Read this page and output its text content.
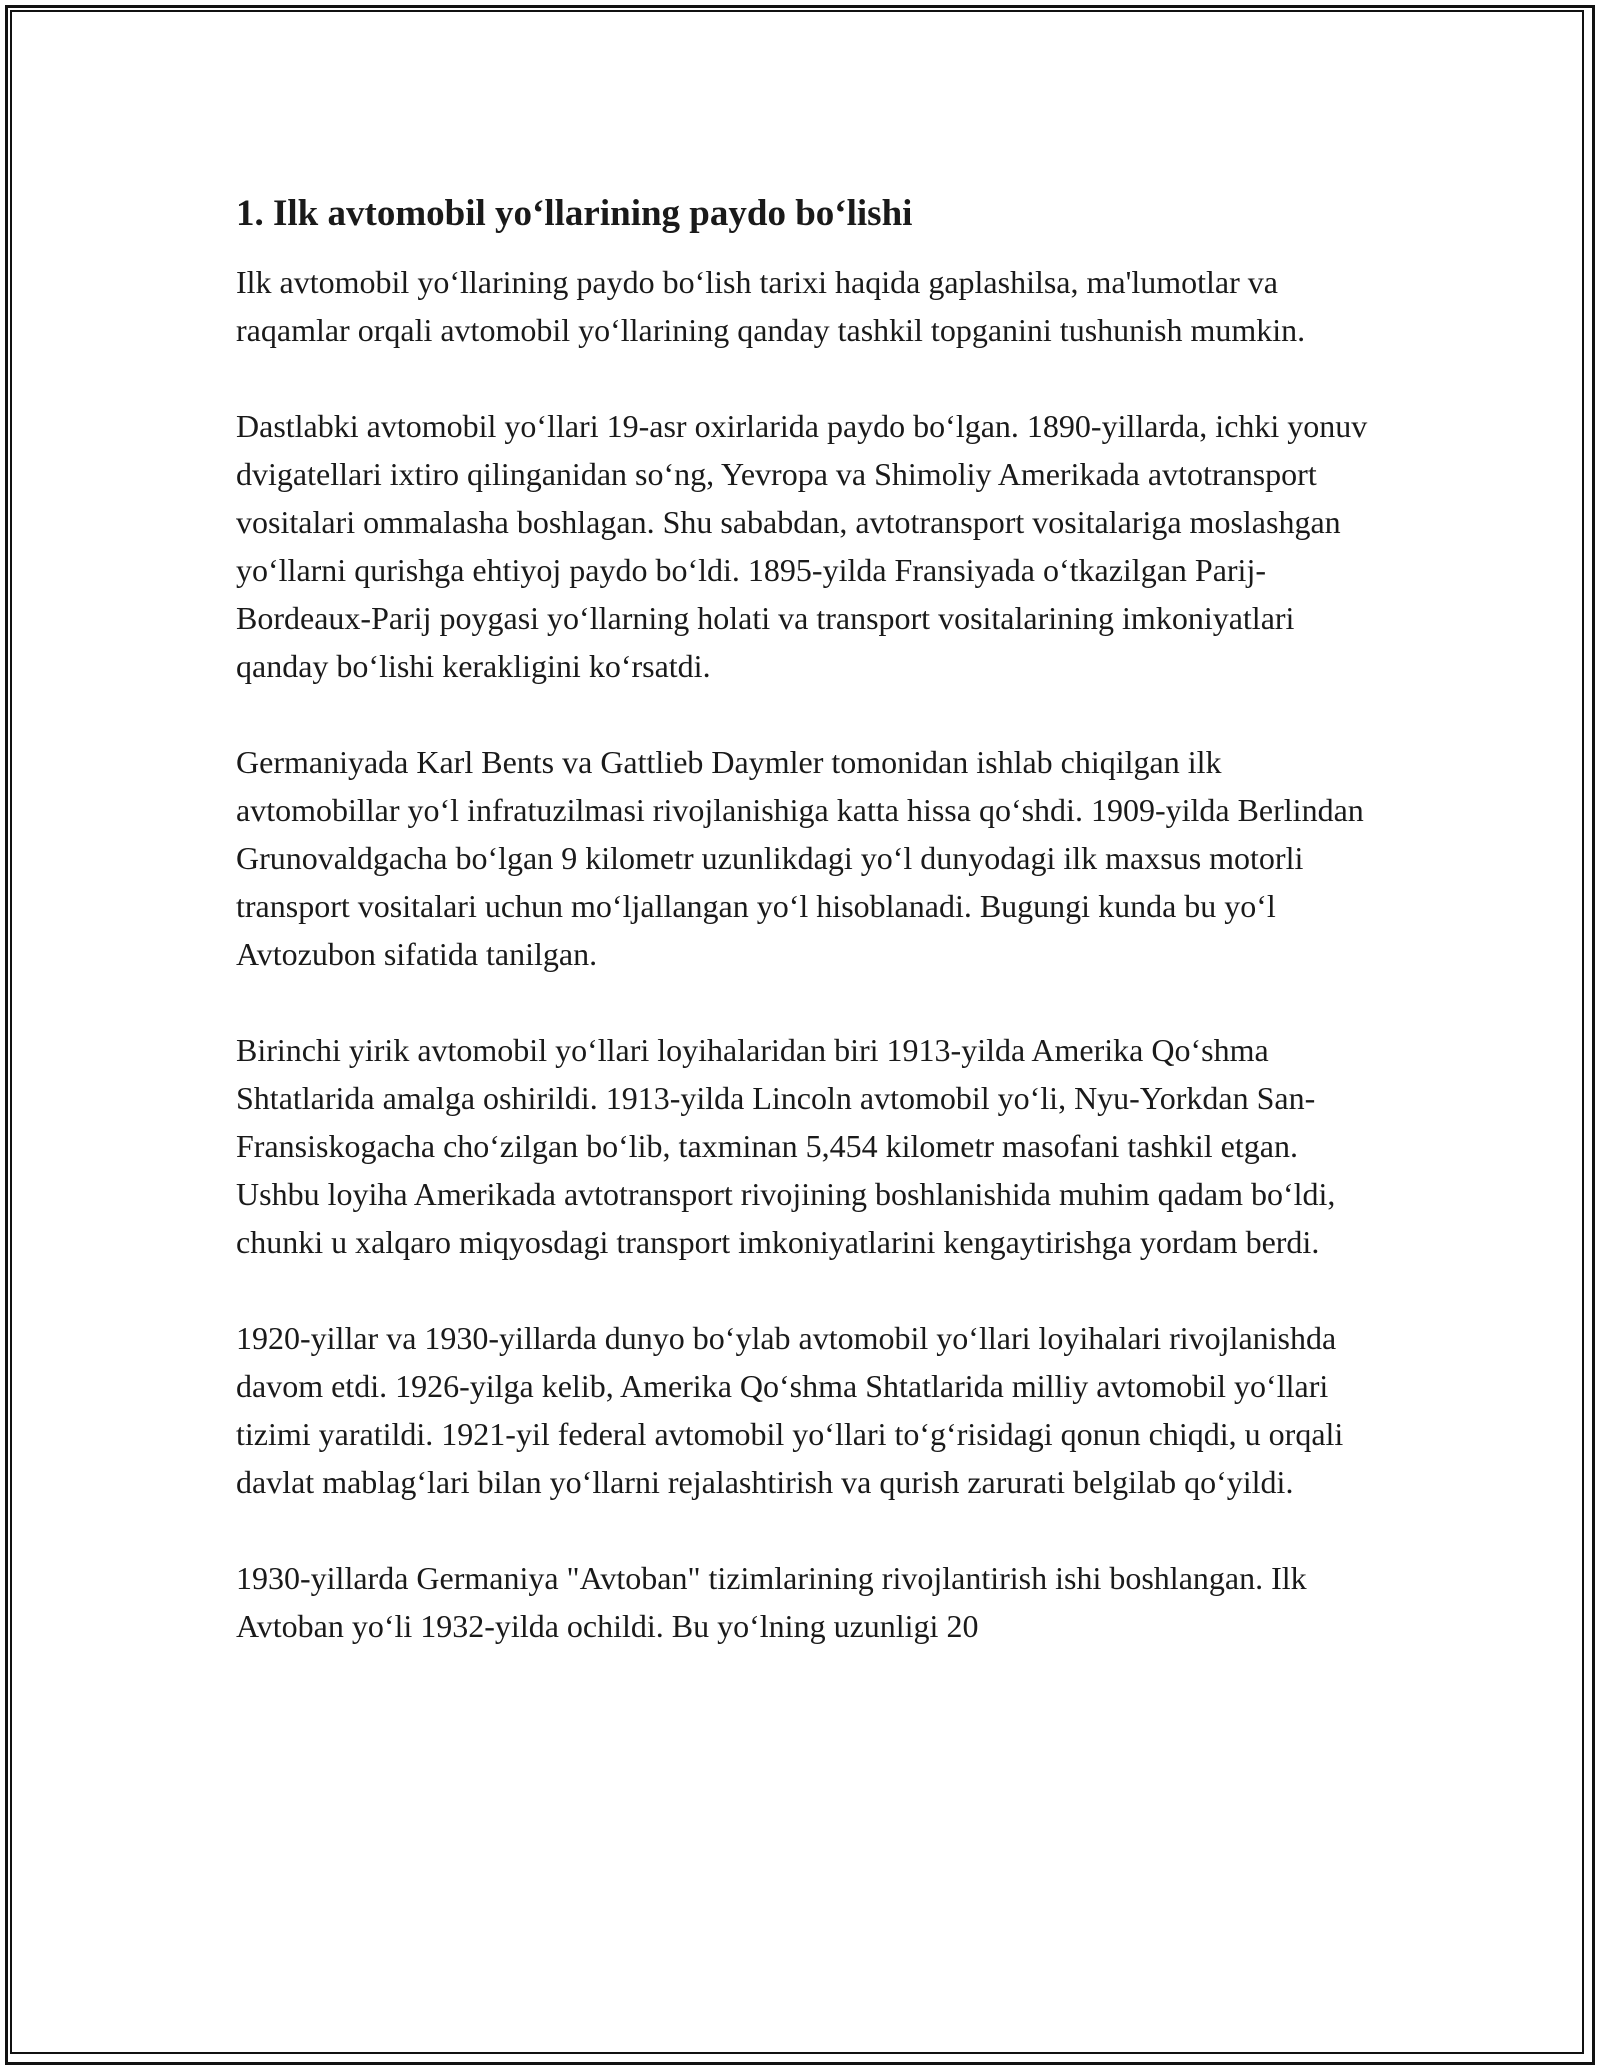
1. Ilk avtomobil yo‘llarining paydo bo‘lishi

Ilk avtomobil yo‘llarining paydo bo‘lish tarixi haqida gaplashilsa, ma'lumotlar va raqamlar orqali avtomobil yo‘llarining qanday tashkil topganini tushunish mumkin.

Dastlabki avtomobil yo‘llari 19-asr oxirlarida paydo bo‘lgan. 1890-yillarda, ichki yonuv dvigatellari ixtiro qilinganidan so‘ng, Yevropa va Shimoliy Amerikada avtotransport vositalari ommalasha boshlagan. Shu sababdan, avtotransport vositalariga moslashgan yo‘llarni qurishga ehtiyoj paydo bo‘ldi. 1895-yilda Fransiyada o‘tkazilgan Parij-Bordeaux-Parij poygasi yo‘llarning holati va transport vositalarining imkoniyatlari qanday bo‘lishi kerakligini ko‘rsatdi.

Germaniyada Karl Bents va Gattlieb Daymler tomonidan ishlab chiqilgan ilk avtomobillar yo‘l infratuzilmasi rivojlanishiga katta hissa qo‘shdi. 1909-yilda Berlindan Grunovaldgacha bo‘lgan 9 kilometr uzunlikdagi yo‘l dunyodagi ilk maxsus motorli transport vositalari uchun mo‘ljallangan yo‘l hisoblanadi. Bugungi kunda bu yo‘l Avtozubon sifatida tanilgan.

Birinchi yirik avtomobil yo‘llari loyihalaridan biri 1913-yilda Amerika Qo‘shma Shtatlarida amalga oshirildi. 1913-yilda Lincoln avtomobil yo‘li, Nyu-Yorkdan San-Fransiskogacha cho‘zilgan bo‘lib, taxminan 5,454 kilometr masofani tashkil etgan. Ushbu loyiha Amerikada avtotransport rivojining boshlanishida muhim qadam bo‘ldi, chunki u xalqaro miqyosdagi transport imkoniyatlarini kengaytirishga yordam berdi.

1920-yillar va 1930-yillarda dunyo bo‘ylab avtomobil yo‘llari loyihalari rivojlanishda davom etdi. 1926-yilga kelib, Amerika Qo‘shma Shtatlarida milliy avtomobil yo‘llari tizimi yaratildi. 1921-yil federal avtomobil yo‘llari to‘g‘risidagi qonun chiqdi, u orqali davlat mablag‘lari bilan yo‘llarni rejalashtirish va qurish zarurati belgilab qo‘yildi.

1930-yillarda Germaniya "Avtoban" tizimlarining rivojlantirish ishi boshlangan. Ilk Avtoban yo‘li 1932-yilda ochildi. Bu yo‘lning uzunligi 20
